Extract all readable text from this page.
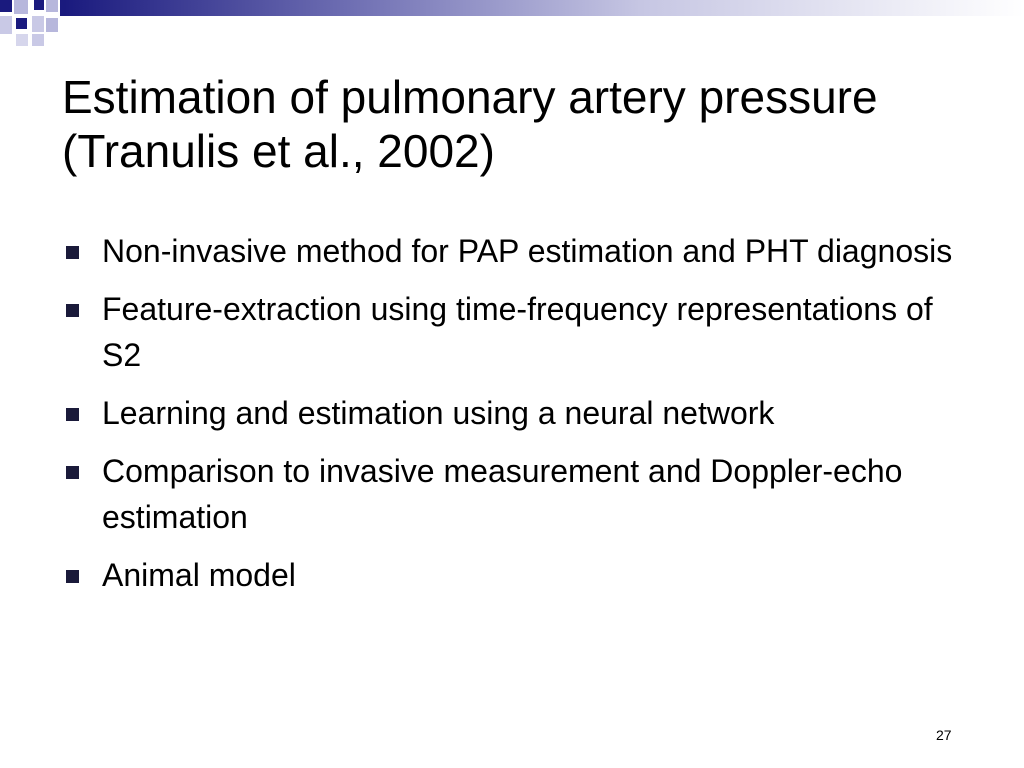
Estimation of pulmonary artery pressure (Tranulis et al., 2002)
Non-invasive method for PAP estimation and PHT diagnosis
Feature-extraction using time-frequency representations of S2
Learning and estimation using a neural network
Comparison to invasive measurement and Doppler-echo estimation
Animal model
27
